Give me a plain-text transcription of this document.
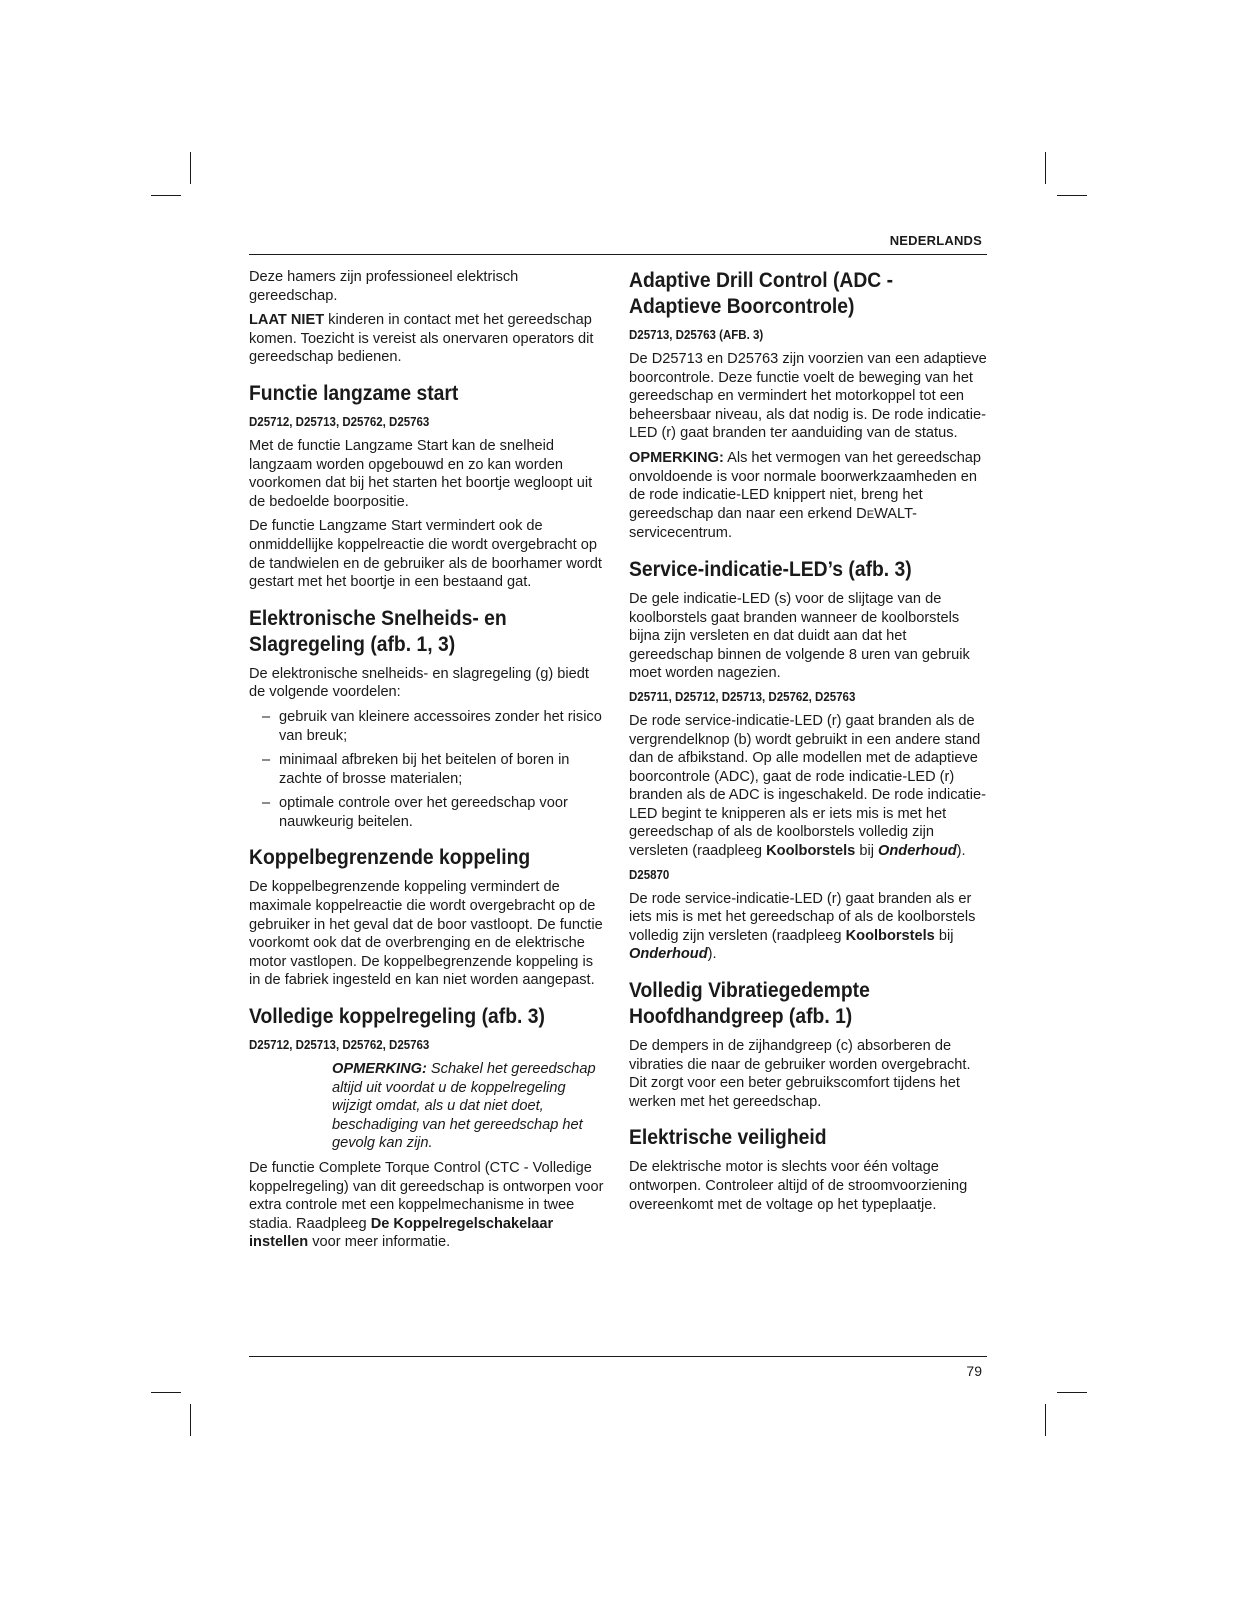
NEDERLANDS
79

Deze hamers zijn professioneel elektrisch gereedschap.

LAAT NIET kinderen in contact met het gereedschap komen. Toezicht is vereist als onervaren operators dit gereedschap bedienen.

Functie langzame start
D25712, D25713, D25762, D25763

Met de functie Langzame Start kan de snelheid langzaam worden opgebouwd en zo kan worden voorkomen dat bij het starten het boortje wegloopt uit de bedoelde boorpositie.

De functie Langzame Start vermindert ook de onmiddellijke koppelreactie die wordt overgebracht op de tandwielen en de gebruiker als de boorhamer wordt gestart met het boortje in een bestaand gat.

Elektronische Snelheids- en
Slagregeling (afb. 1, 3)

De elektronische snelheids- en slagregeling (g) biedt de volgende voordelen:

– gebruik van kleinere accessoires zonder het risico van breuk;
– minimaal afbreken bij het beitelen of boren in zachte of brosse materialen;
– optimale controle over het gereedschap voor nauwkeurig beitelen.
Koppelbegrenzende koppeling

De koppelbegrenzende koppeling vermindert de maximale koppelreactie die wordt overgebracht op de gebruiker in het geval dat de boor vastloopt. De functie voorkomt ook dat de overbrenging en de elektrische motor vastlopen. De koppelbegrenzende koppeling is in de fabriek ingesteld en kan niet worden aangepast.

Volledige koppelregeling (afb. 3)
D25712, D25713, D25762, D25763
OPMERKING: Schakel het gereedschap altijd uit voordat u de koppelregeling wijzigt omdat, als u dat niet doet, beschadiging van het gereedschap het gevolg kan zijn.

De functie Complete Torque Control (CTC - Volledige koppelregeling) van dit gereedschap is ontworpen voor extra controle met een koppelmechanisme in twee stadia. Raadpleeg De Koppelregelschakelaar instellen voor meer informatie.

Adaptive Drill Control (ADC -
Adaptieve Boorcontrole)
D25713, D25763 (AFB. 3)

De D25713 en D25763 zijn voorzien van een adaptieve boorcontrole. Deze functie voelt de beweging van het gereedschap en vermindert het motorkoppel tot een beheersbaar niveau, als dat nodig is. De rode indicatie-LED (r) gaat branden ter aanduiding van de status.

OPMERKING: Als het vermogen van het gereedschap onvoldoende is voor normale boorwerkzaamheden en de rode indicatie-LED knippert niet, breng het gereedschap dan naar een erkend DEWALT-servicecentrum.

Service-indicatie-LED’s (afb. 3)

De gele indicatie-LED (s) voor de slijtage van de koolborstels gaat branden wanneer de koolborstels bijna zijn versleten en dat duidt aan dat het gereedschap binnen de volgende 8 uren van gebruik moet worden nagezien.

D25711, D25712, D25713, D25762, D25763

De rode service-indicatie-LED (r) gaat branden als de vergrendelknop (b) wordt gebruikt in een andere stand dan de afbikstand. Op alle modellen met de adaptieve boorcontrole (ADC), gaat de rode indicatie-LED (r) branden als de ADC is ingeschakeld. De rode indicatie-LED begint te knipperen als er iets mis is met het gereedschap of als de koolborstels volledig zijn versleten (raadpleeg Koolborstels bij Onderhoud).

D25870

De rode service-indicatie-LED (r) gaat branden als er iets mis is met het gereedschap of als de koolborstels volledig zijn versleten (raadpleeg Koolborstels bij Onderhoud).

Volledig Vibratiegedempte
Hoofdhandgreep (afb. 1)

De dempers in de zijhandgreep (c) absorberen de vibraties die naar de gebruiker worden overgebracht. Dit zorgt voor een beter gebruikscomfort tijdens het werken met het gereedschap.

Elektrische veiligheid

De elektrische motor is slechts voor één voltage ontworpen. Controleer altijd of de stroomvoorziening overeenkomt met de voltage op het typeplaatje.
